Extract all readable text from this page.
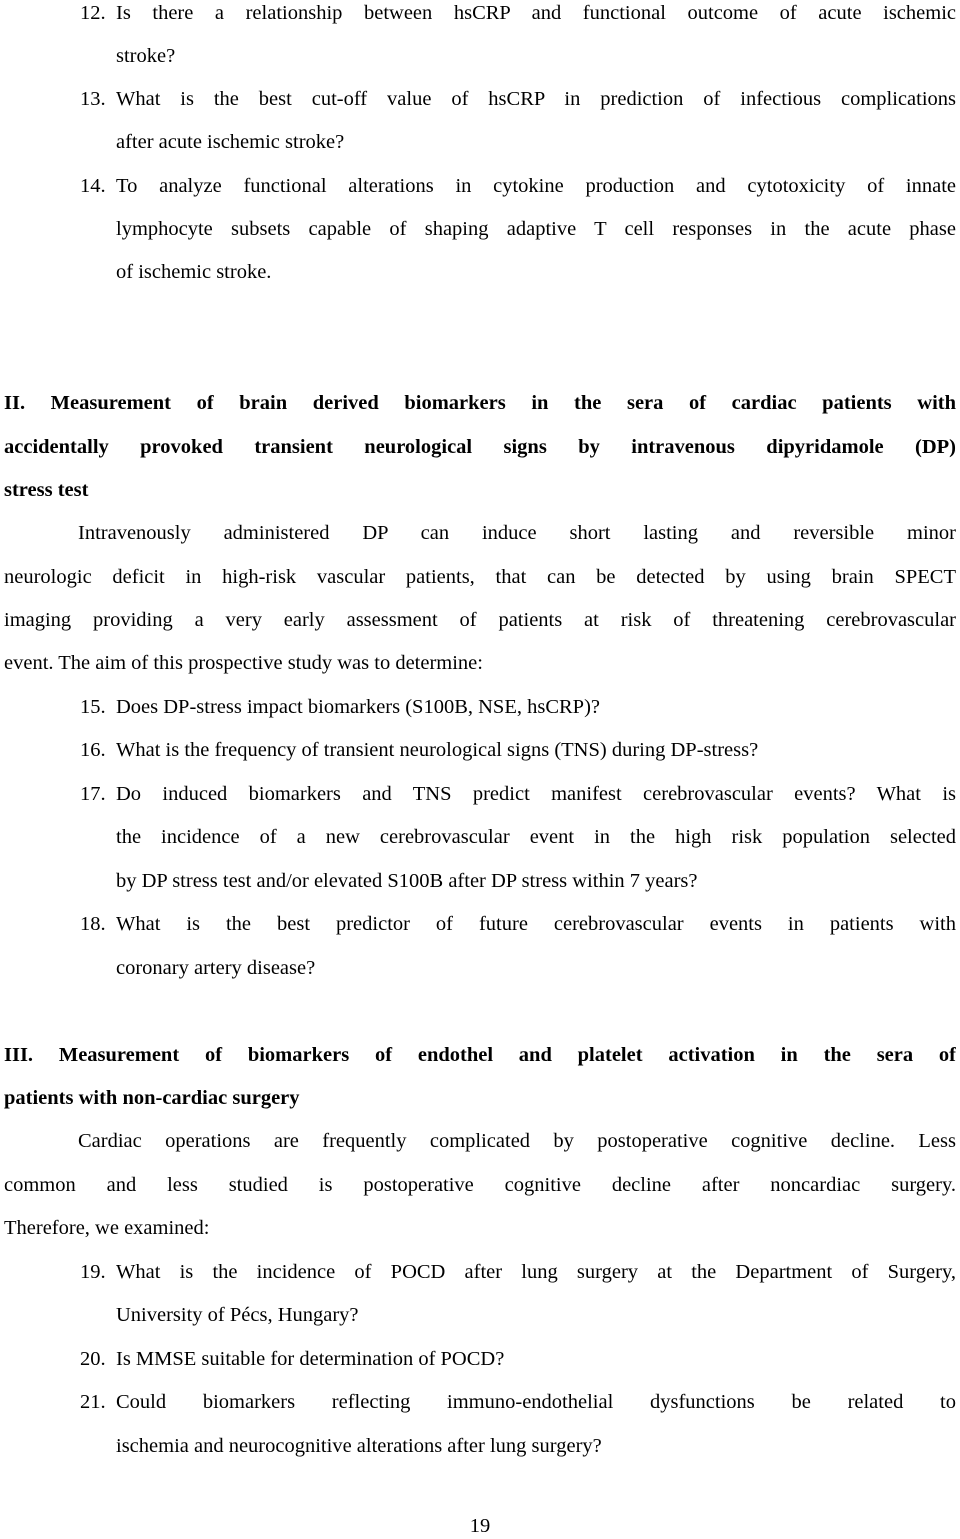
12. Is there a relationship between hsCRP and functional outcome of acute ischemic
stroke?
13. What is the best cut-off value of hsCRP in prediction of infectious complications
after acute ischemic stroke?
14. To analyze functional alterations in cytokine production and cytotoxicity of innate
lymphocyte subsets capable of shaping adaptive T cell responses in the acute phase
of ischemic stroke.
II. Measurement of brain derived biomarkers in the sera of cardiac patients with
accidentally provoked transient neurological signs by intravenous dipyridamole (DP)
stress test
Intravenously administered DP can induce short lasting and reversible minor
neurologic deficit in high-risk vascular patients, that can be detected by using brain SPECT
imaging providing a very early assessment of patients at risk of threatening cerebrovascular
event. The aim of this prospective study was to determine:
15. Does DP-stress impact biomarkers (S100B, NSE, hsCRP)?
16. What is the frequency of transient neurological signs (TNS) during DP-stress?
17. Do induced biomarkers and TNS predict manifest cerebrovascular events? What is
the incidence of a new cerebrovascular event in the high risk population selected
by DP stress test and/or elevated S100B after DP stress within 7 years?
18. What is the best predictor of future cerebrovascular events in patients with
coronary artery disease?
III. Measurement of biomarkers of endothel and platelet activation in the sera of
patients with non-cardiac surgery
Cardiac operations are frequently complicated by postoperative cognitive decline. Less
common and less studied is postoperative cognitive decline after noncardiac surgery.
Therefore, we examined:
19. What is the incidence of POCD after lung surgery at the Department of Surgery,
University of Pécs, Hungary?
20. Is MMSE suitable for determination of POCD?
21. Could biomarkers reflecting immuno-endothelial dysfunctions be related to
ischemia and neurocognitive alterations after lung surgery?
19
